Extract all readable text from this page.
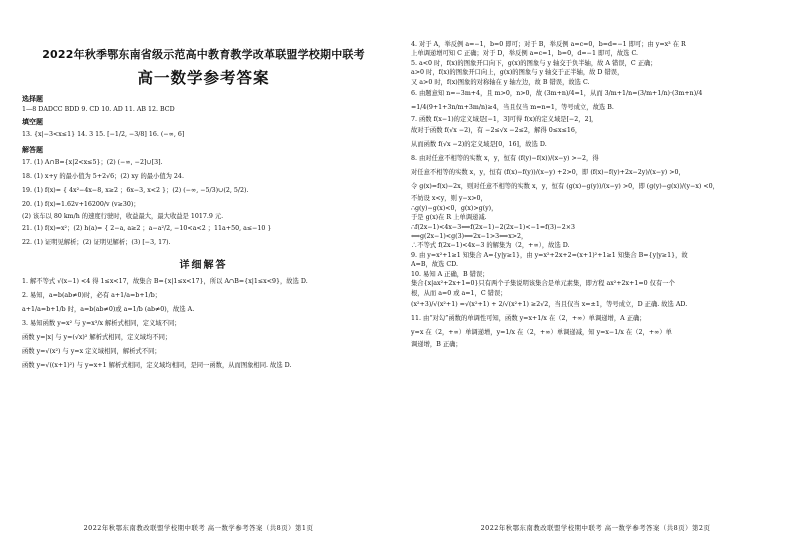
2022年秋季鄂东南省级示范高中教育教学改革联盟学校期中联考
高一数学参考答案
选择题
1—8 DADCC BDD 9. CD 10. AD 11. AB 12. BCD
填空题
13. {x|−3<x≤1} 14. 3 15. [−1/2, −3/8] 16. (−∞, 6]
解答题
17. (1) A∩B={x|2<x≤5}；(2) (−∞, −2]∪[3].
18. (1) x+y 的最小值为 5+2√6；(2) xy 的最小值为 24.
19. (1) f(x)= { 4x²−4x−8, x≥2 ；6x−3, x<2 }；(2) (−∞, −5/3)∪(2, 5/2).
20. (1) f(x)=1.62v+16200/v (v≥30)；
(2) 该车以 80 km/h 的速度行驶时，收益最大，最大收益是 1017.9 元.
21. (1) f(x)=x²；(2) h(a)= { 2−a, a≥2 ；a−a²/2, −10<a<2 ；11a+50, a≤−10 }
22. (1) 证明见解析；(2) 证明见解析；(3) [−3, 17).
详细解答
1. 解不等式 √(x−1) <4 得 1≤x<17，故集合 B={x|1≤x<17}，所以 A∩B={x|1≤x<9}，故选 D.
2. 易知，a=b(ab≠0)时，必有 a+1/a=b+1/b；
a+1/a=b+1/b 时，a=b(ab≠0)或 a=1/b (ab≠0)，故选 A.
3. 易知函数 y=x² 与 y=x³/x 解析式相同，定义域不同；
函数 y=|x| 与 y=(√x)² 解析式相同，定义域均不同；
函数 y=√(x²) 与 y=x 定义域相同，解析式不同；
函数 y=√((x+1)²) 与 y=x+1 解析式相同，定义域均相同，是同一函数，从而图象相同. 故选 D.
2022年秋鄂东南教改联盟学校期中联考 高一数学参考答案（共8页）第1页
4. 对于 A，举反例 a=−1，b=0 即可；对于 B，举反例 a=c=0，b=d=−1 即可；由 y=x³ 在 R
上单调递增可知 C 正确；对于 D，举反例 a=c=1，b=0，d=−1 即可，故选 C.
5. a<0 时，f(x)的图象开口向下，g(x)的图象与 y 轴交于负半轴，故 A 错误，C 正确；
a>0 时，f(x)的图象开口向上，g(x)的图象与 y 轴交于正半轴，故 D 错误，
又 a>0 时，f(x)图象的对称轴在 y 轴左边，故 B 错误，故选 C.
6. 由题意知 n=−3m+4，且 m>0，n>0，故 (3m+n)/4=1，从而 3/m+1/n=(3/m+1/n)·(3m+n)/4
=1/4(9+1+3n/m+3m/n)≥4，当且仅当 m=n=1，等号成立，故选 B.
7. 函数 f(x−1)的定义域是[−1，3]可得 f(x)的定义域是[−2，2]，
故对于函数 f(√x −2)，有 −2≤√x −2≤2，解得 0≤x≤16，
从而函数 f(√x −2)的定义域是[0，16]，故选 D.
8. 由对任意不相等的实数 x，y，恒有 (f(y)−f(x))/(x−y) >−2，得
对任意不相等的实数 x，y，恒有 (f(x)−f(y))/(x−y) +2>0，即 (f(x)−f(y)+2x−2y)/(x−y) >0，
令 g(x)=f(x)−2x，则对任意不相等的实数 x，y，恒有 (g(x)−g(y))/(x−y) >0，即 (g(y)−g(x))/(y−x) <0，
不妨设 x<y，则 y−x>0，
∴g(y)−g(x)<0，g(x)>g(y)，
于是 g(x)在 R 上单调递减.
∴f(2x−1)<4x−3⟺f(2x−1)−2(2x−1)<−1=f(3)−2×3
⟺g(2x−1)<g(3)⟺2x−1>3⟺x>2，
∴不等式 f(2x−1)<4x−3 的解集为（2，+∞），故选 D.
9. 由 y=x²+1≥1 知集合 A={y|y≥1}，由 y=x²+2x+2=(x+1)²+1≥1 知集合 B={y|y≥1}，故
A=B，故选 CD.
10. 易知 A 正确，B 错误；
集合{x|ax²+2x+1=0}只有两个子集说明该集合是单元素集，即方程 ax²+2x+1=0 仅有一个
根，从而 a=0 或 a=1，C 错误；
(x²+3)/√(x²+1) =√(x²+1) + 2/√(x²+1) ≥2√2，当且仅当 x=±1，等号成立，D 正确. 故选 AD.
11. 由“对勾”函数的单调性可知，函数 y=x+1/x 在（2，+∞）单调递增，A 正确；
y=x 在（2，+∞）单调递增，y=1/x 在（2，+∞）单调递减，知 y=x−1/x 在（2，+∞）单
调递增，B 正确；
2022年秋鄂东南教改联盟学校期中联考 高一数学参考答案（共8页）第2页
